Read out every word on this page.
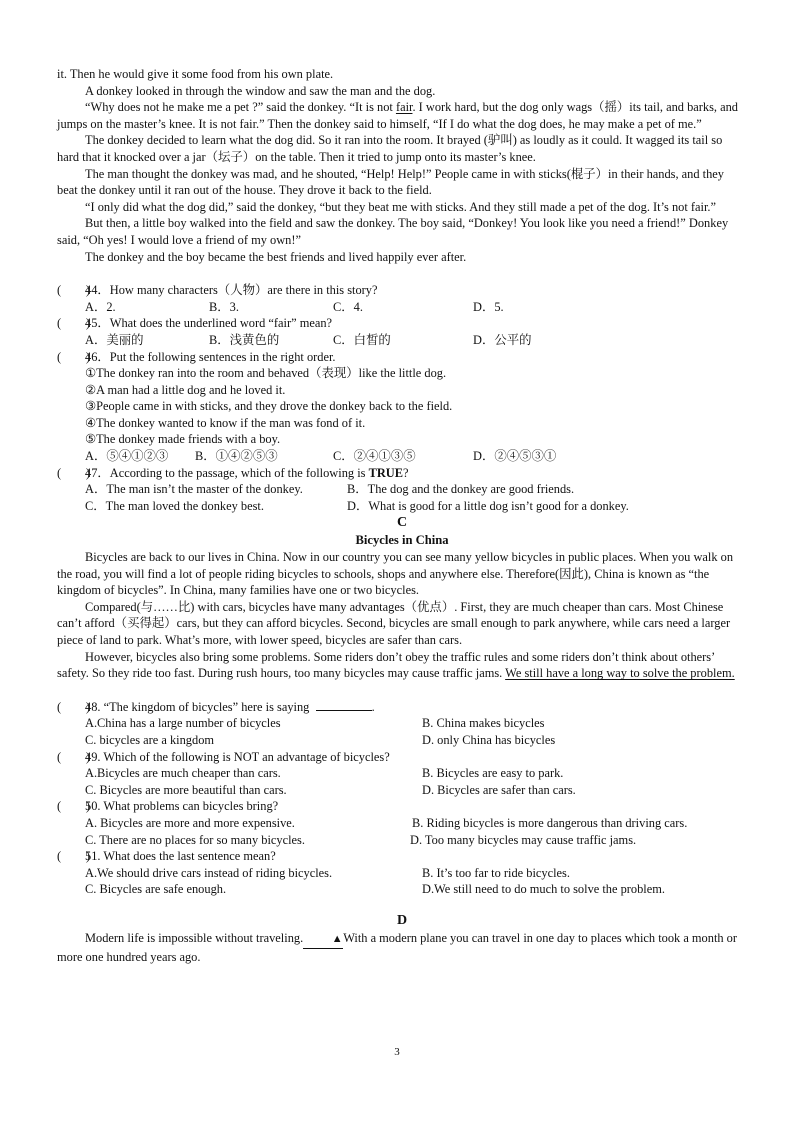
it. Then he would give it some food from his own plate.

A donkey looked in through the window and saw the man and the dog.

“Why does not he make me a pet ?” said the donkey. “It is not fair. I work hard, but the dog only wags（摇）its tail, and barks, and jumps on the master’s knee. It is not fair.” Then the donkey said to himself, “If I do what the dog does, he may make a pet of me.”

The donkey decided to learn what the dog did. So it ran into the room. It brayed (驴叫) as loudly as it could. It wagged its tail so hard that it knocked over a jar（坛子）on the table. Then it tried to jump onto its master’s knee.

The man thought the donkey was mad, and he shouted, “Help! Help!” People came in with sticks(棍子）in their hands, and they beat the donkey until it ran out of the house. They drove it back to the field.

“I only did what the dog did,” said the donkey, “but they beat me with sticks. And they still made a pet of the dog. It’s not fair.”

But then, a little boy walked into the field and saw the donkey. The boy said, “Donkey! You look like you need a friend!” Donkey said, “Oh yes! I would love a friend of my own!”

The donkey and the boy became the best friends and lived happily ever after.

(　　)44．How many characters（人物）are there in this story?

A．2.	B．3.	C．4.	D．5.

(　　)45．What does the underlined word “fair” mean?

A．美丽的	B．浅黄色的	C．白皙的	D．公平的

(　　)46．Put the following sentences in the right order.

①The donkey ran into the room and behaved（表现）like the little dog.

②A man had a little dog and he loved it.

③People came in with sticks, and they drove the donkey back to the field.

④The donkey wanted to know if the man was fond of it.

⑤The donkey made friends with a boy.

A．⑤④①②③	B．①④②⑤③	C．②④①③⑤	D．②④⑤③①

(　　)47．According to the passage, which of the following is TRUE?

A．The man isn’t the master of the donkey.	B．The dog and the donkey are good friends.
C．The man loved the donkey best.	D．What is good for a little dog isn’t good for a donkey.

C

Bicycles in China

Bicycles are back to our lives in China. Now in our country you can see many yellow bicycles in public places. When you walk on the road, you will find a lot of people riding bicycles to schools, shops and anywhere else. Therefore(因此), China is known as “the kingdom of bicycles”. In China, many families have one or two bicycles.

Compared(与……比) with cars, bicycles have many advantages（优点）. First, they are much cheaper than cars. Most Chinese can’t afford（买得起）cars, but they can afford bicycles. Second, bicycles are small enough to park anywhere, while cars need a larger piece of land to park. What’s more, with lower speed, bicycles are safer than cars.

However, bicycles also bring some problems. Some riders don’t obey the traffic rules and some riders don’t think about others’ safety. So they ride too fast. During rush hours, too many bicycles may cause traffic jams. We still have a long way to solve the problem.

(　　)48. “The kingdom of bicycles” here is saying	.

A.China has a large number of bicycles	B. China makes bicycles
C. bicycles are a kingdom	D. only China has bicycles

(　　)49. Which of the following is NOT an advantage of bicycles?

A.Bicycles are much cheaper than cars.	B. Bicycles are easy to park.
C. Bicycles are more beautiful than cars.	D. Bicycles are safer than cars.

(　　)50. What problems can bicycles bring?

A. Bicycles are more and more expensive.	B. Riding bicycles is more dangerous than driving cars.
C. There are no places for so many bicycles.	D. Too many bicycles may cause traffic jams.

(　　)51. What does the last sentence mean?

A.We should drive cars instead of riding bicycles.	B. It’s too far to ride bicycles.
C. Bicycles are safe enough.	D.We still need to do much to solve the problem.

D

Modern life is impossible without traveling.	▲With a modern plane you can travel in one day to places which took a month or more one hundred years ago.

3
